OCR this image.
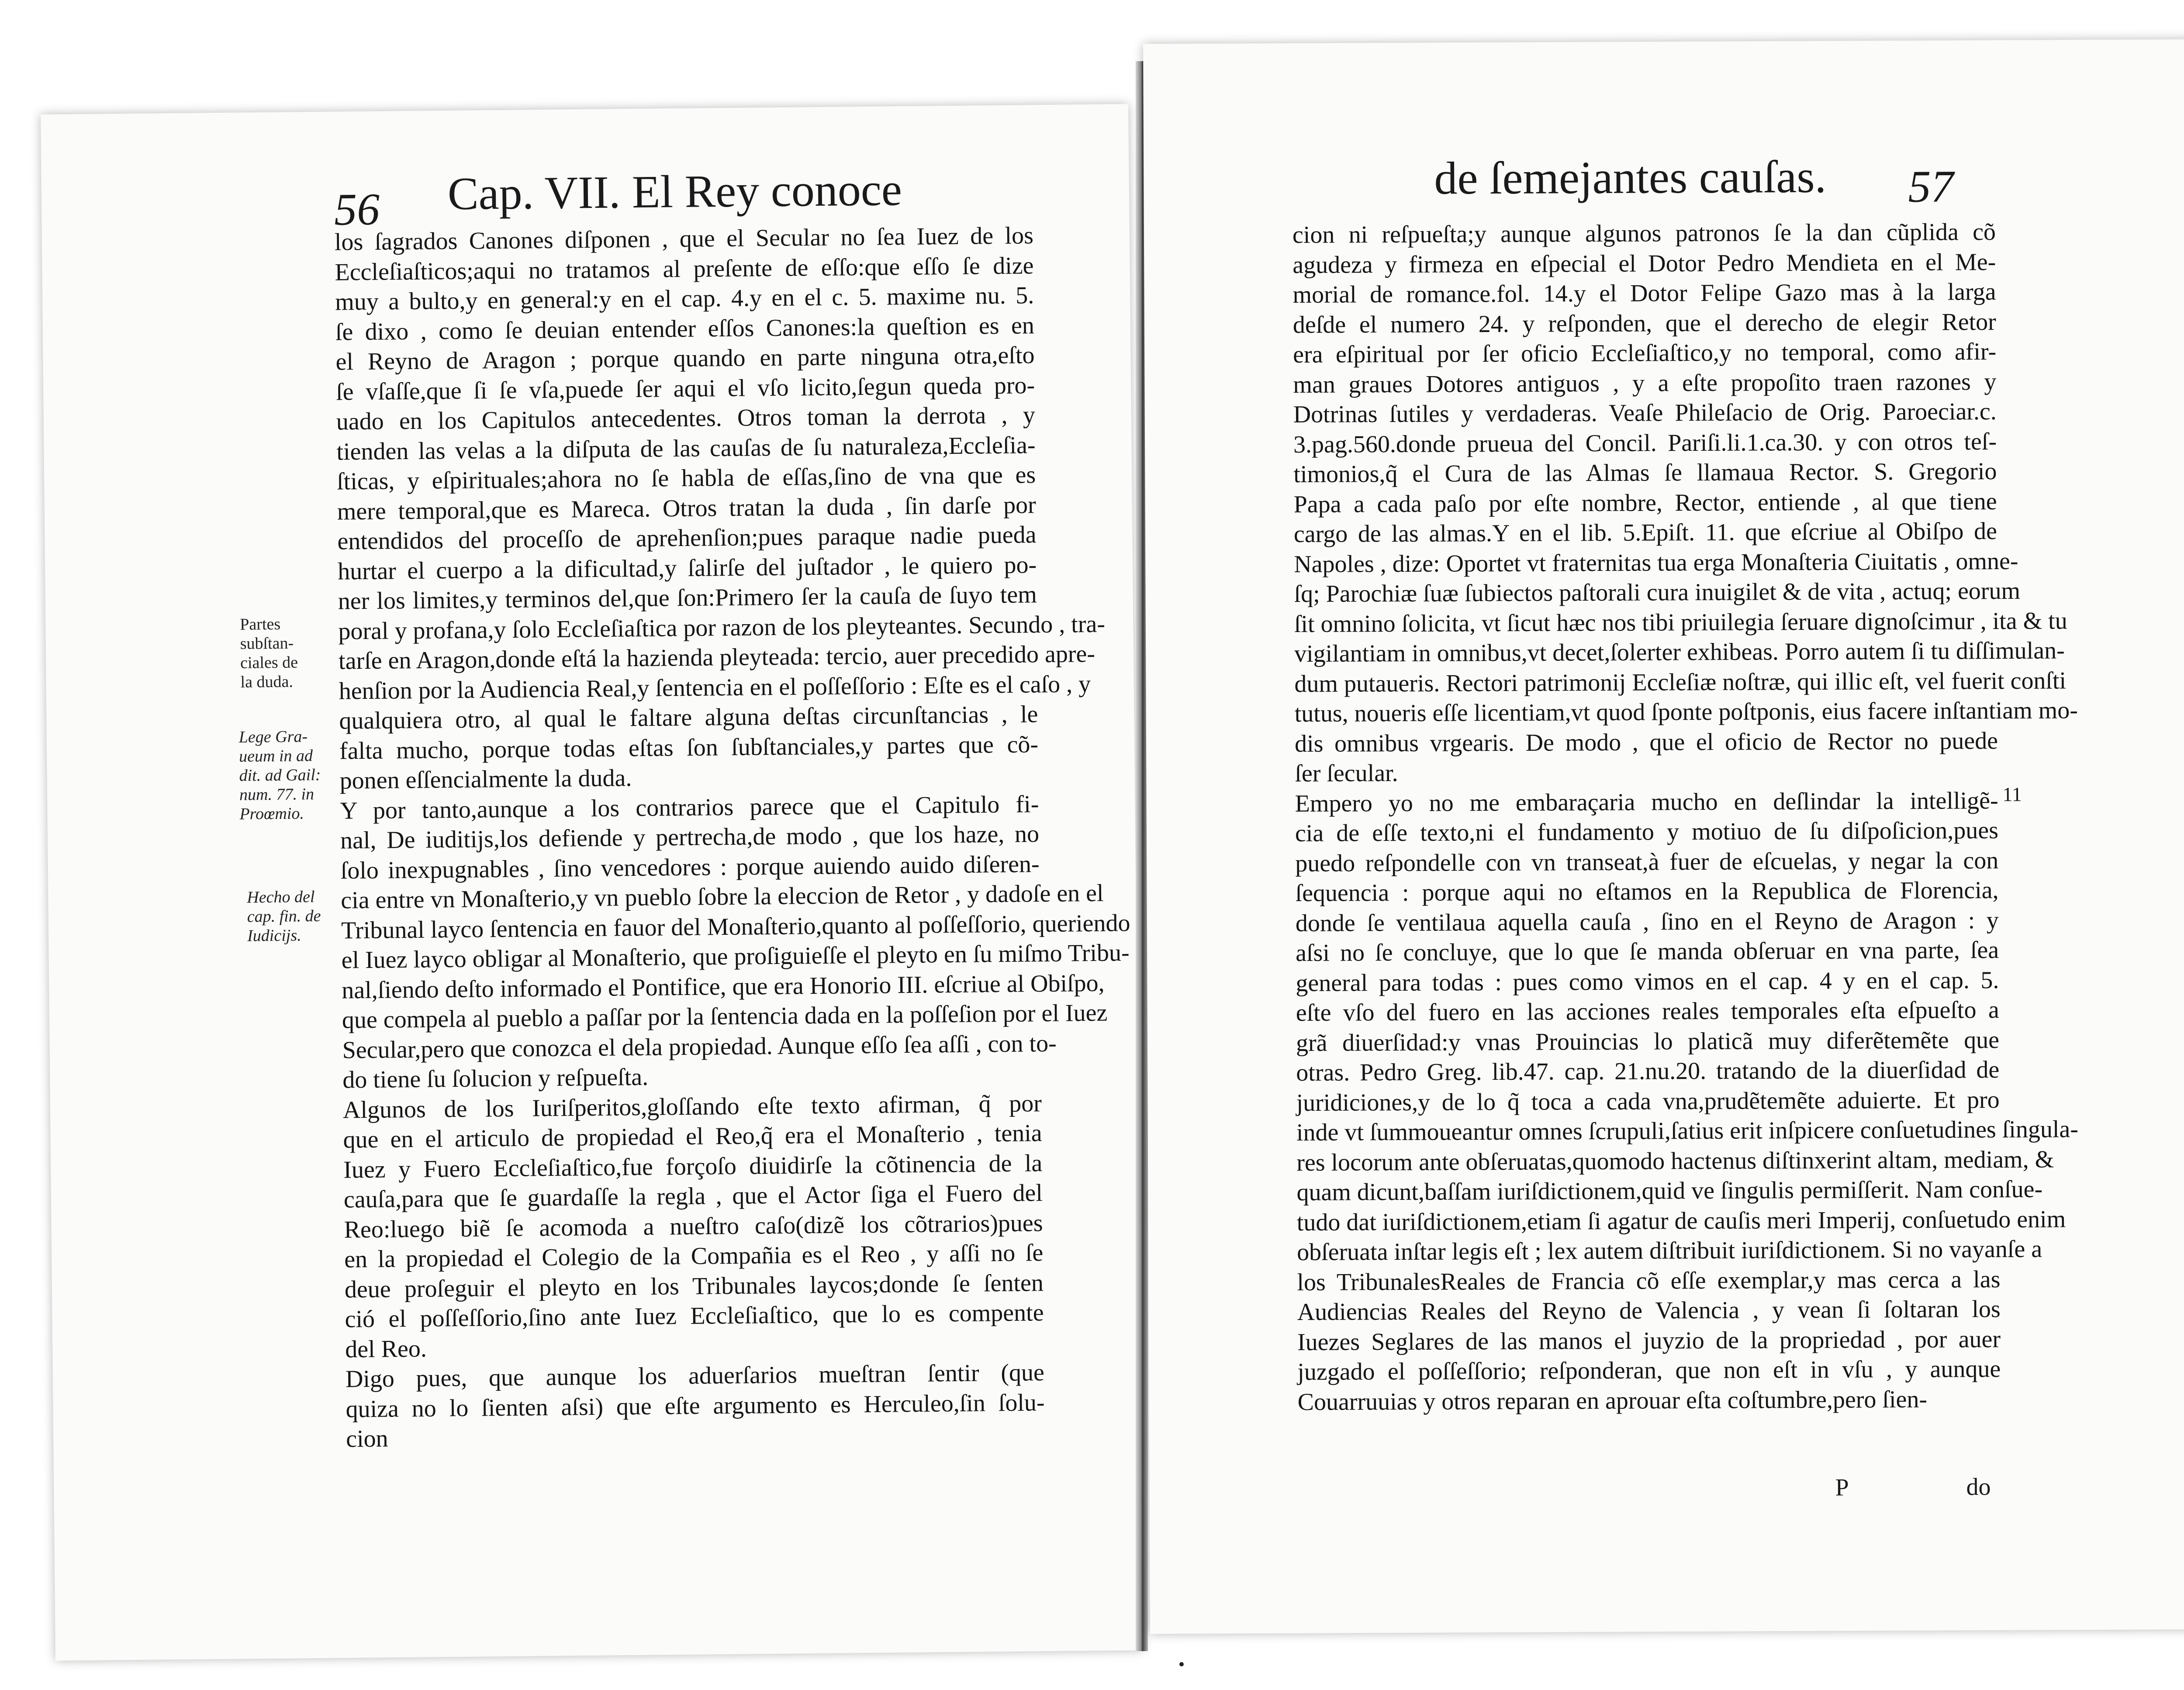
56 Cap. VII. El Rey conoce
Partes
subſtan-
ciales de
la duda.
Lege Gra-
ueum in ad
dit. ad Gail:
num. 77. in
Proœmio.
Hecho del
cap. fin. de
Iudicijs.
los ſagrados Canones diſponen , que el Secular no ſea Iuez de los
Eccleſiaſticos;aqui no tratamos al preſente de eſſo:que eſſo ſe dize
muy a bulto,y en general:y en el cap. 4.y en el c. 5. maxime nu. 5.
ſe dixo , como ſe deuian entender eſſos Canones:la queſtion es en
el Reyno de Aragon ; porque quando en parte ninguna otra,eſto
ſe vſaſſe,que ſi ſe vſa,puede ſer aqui el vſo licito,ſegun queda pro-
uado en los Capitulos antecedentes. Otros toman la derrota , y
tienden las velas a la diſputa de las cauſas de ſu naturaleza,Eccleſia-
ſticas, y eſpirituales;ahora no ſe habla de eſſas,ſino de vna que es
mere temporal,que es Mareca. Otros tratan la duda , ſin darſe por
entendidos del proceſſo de aprehenſion;pues paraque nadie pueda
hurtar el cuerpo a la dificultad,y ſalirſe del juſtador , le quiero po-
ner los limites,y terminos del,que ſon:Primero ſer la cauſa de ſuyo tem
poral y profana,y ſolo Eccleſiaſtica por razon de los pleyteantes. Secundo , tra-
tarſe en Aragon,donde eſtá la hazienda pleyteada: tercio, auer precedido apre-
henſion por la Audiencia Real,y ſentencia en el poſſeſſorio : Eſte es el caſo , y
qualquiera otro, al qual le faltare alguna deſtas circunſtancias , le
falta mucho, porque todas eſtas ſon ſubſtanciales,y partes que cõ-
ponen eſſencialmente la duda.
Y por tanto,aunque a los contrarios parece que el Capitulo fi-
nal, De iuditijs,los defiende y pertrecha,de modo , que los haze, no
ſolo inexpugnables , ſino vencedores : porque auiendo auido diſeren-
cia entre vn Monaſterio,y vn pueblo ſobre la eleccion de Retor , y dadoſe en el
Tribunal layco ſentencia en fauor del Monaſterio,quanto al poſſeſſorio, queriendo
el Iuez layco obligar al Monaſterio, que proſiguieſſe el pleyto en ſu miſmo Tribu-
nal,ſiendo deſto informado el Pontifice, que era Honorio III. eſcriue al Obiſpo,
que compela al pueblo a paſſar por la ſentencia dada en la poſſeſion por el Iuez
Secular,pero que conozca el dela propiedad. Aunque eſſo ſea aſſi , con to-
do tiene ſu ſolucion y reſpueſta.
Algunos de los Iuriſperitos,gloſſando eſte texto afirman, q̃ por
que en el articulo de propiedad el Reo,q̃ era el Monaſterio , tenia
Iuez y Fuero Eccleſiaſtico,fue forçoſo diuidirſe la cõtinencia de la
cauſa,para que ſe guardaſſe la regla , que el Actor ſiga el Fuero del
Reo:luego biẽ ſe acomoda a nueſtro caſo(dizẽ los cõtrarios)pues
en la propiedad el Colegio de la Compañia es el Reo , y aſſi no ſe
deue proſeguir el pleyto en los Tribunales laycos;donde ſe ſenten
ció el poſſeſſorio,ſino ante Iuez Eccleſiaſtico, que lo es compente
del Reo.
Digo pues, que aunque los aduerſarios mueſtran ſentir (que
quiza no lo ſienten aſsi) que eſte argumento es Herculeo,ſin ſolu-
cion
de ſemejantes cauſas. 57
11
cion ni reſpueſta;y aunque algunos patronos ſe la dan cũplida cõ
agudeza y firmeza en eſpecial el Dotor Pedro Mendieta en el Me-
morial de romance.fol. 14.y el Dotor Felipe Gazo mas à la larga
deſde el numero 24. y reſponden, que el derecho de elegir Retor
era eſpiritual por ſer oficio Eccleſiaſtico,y no temporal, como afir-
man graues Dotores antiguos , y a eſte propoſito traen razones y
Dotrinas ſutiles y verdaderas. Veaſe Phileſacio de Orig. Paroeciar.c.
3.pag.560.donde prueua del Concil. Pariſi.li.1.ca.30. y con otros teſ-
timonios,q̃ el Cura de las Almas ſe llamaua Rector. S. Gregorio
Papa a cada paſo por eſte nombre, Rector, entiende , al que tiene
cargo de las almas.Y en el lib. 5.Epiſt. 11. que eſcriue al Obiſpo de
Napoles , dize: Oportet vt fraternitas tua erga Monaſteria Ciuitatis , omne-
ſq; Parochiæ ſuæ ſubiectos paſtorali cura inuigilet & de vita , actuq; eorum
ſit omnino ſolicita, vt ſicut hæc nos tibi priuilegia ſeruare dignoſcimur , ita & tu
vigilantiam in omnibus,vt decet,ſolerter exhibeas. Porro autem ſi tu diſſimulan-
dum putaueris. Rectori patrimonij Eccleſiæ noſtræ, qui illic eſt, vel fuerit conſti
tutus, noueris eſſe licentiam,vt quod ſponte poſtponis, eius facere inſtantiam mo-
dis omnibus vrgearis. De modo , que el oficio de Rector no puede
ſer ſecular.
Empero yo no me embaraçaria mucho en deſlindar la intelligẽ-
cia de eſſe texto,ni el fundamento y motiuo de ſu diſpoſicion,pues
puedo reſpondelle con vn transeat,à fuer de eſcuelas, y negar la con
ſequencia : porque aqui no eſtamos en la Republica de Florencia,
donde ſe ventilaua aquella cauſa , ſino en el Reyno de Aragon : y
aſsi no ſe concluye, que lo que ſe manda obſeruar en vna parte, ſea
general para todas : pues como vimos en el cap. 4 y en el cap. 5.
eſte vſo del fuero en las acciones reales temporales eſta eſpueſto a
grã diuerſidad:y vnas Prouincias lo platicã muy diferẽtemẽte que
otras. Pedro Greg. lib.47. cap. 21.nu.20. tratando de la diuerſidad de
juridiciones,y de lo q̃ toca a cada vna,prudẽtemẽte aduierte. Et pro
inde vt ſummoueantur omnes ſcrupuli,ſatius erit inſpicere conſuetudines ſingula-
res locorum ante obſeruatas,quomodo hactenus diſtinxerint altam, mediam, &
quam dicunt,baſſam iuriſdictionem,quid ve ſingulis permiſſerit. Nam conſue-
tudo dat iuriſdictionem,etiam ſi agatur de cauſis meri Imperij, conſuetudo enim
obſeruata inſtar legis eſt ; lex autem diſtribuit iuriſdictionem. Si no vayanſe a
los TribunalesReales de Francia cõ eſſe exemplar,y mas cerca a las
Audiencias Reales del Reyno de Valencia , y vean ſi ſoltaran los
Iuezes Seglares de las manos el juyzio de la propriedad , por auer
juzgado el poſſeſſorio; reſponderan, que non eſt in vſu , y aunque
Couarruuias y otros reparan en aprouar eſta coſtumbre,pero ſien-
P	do
